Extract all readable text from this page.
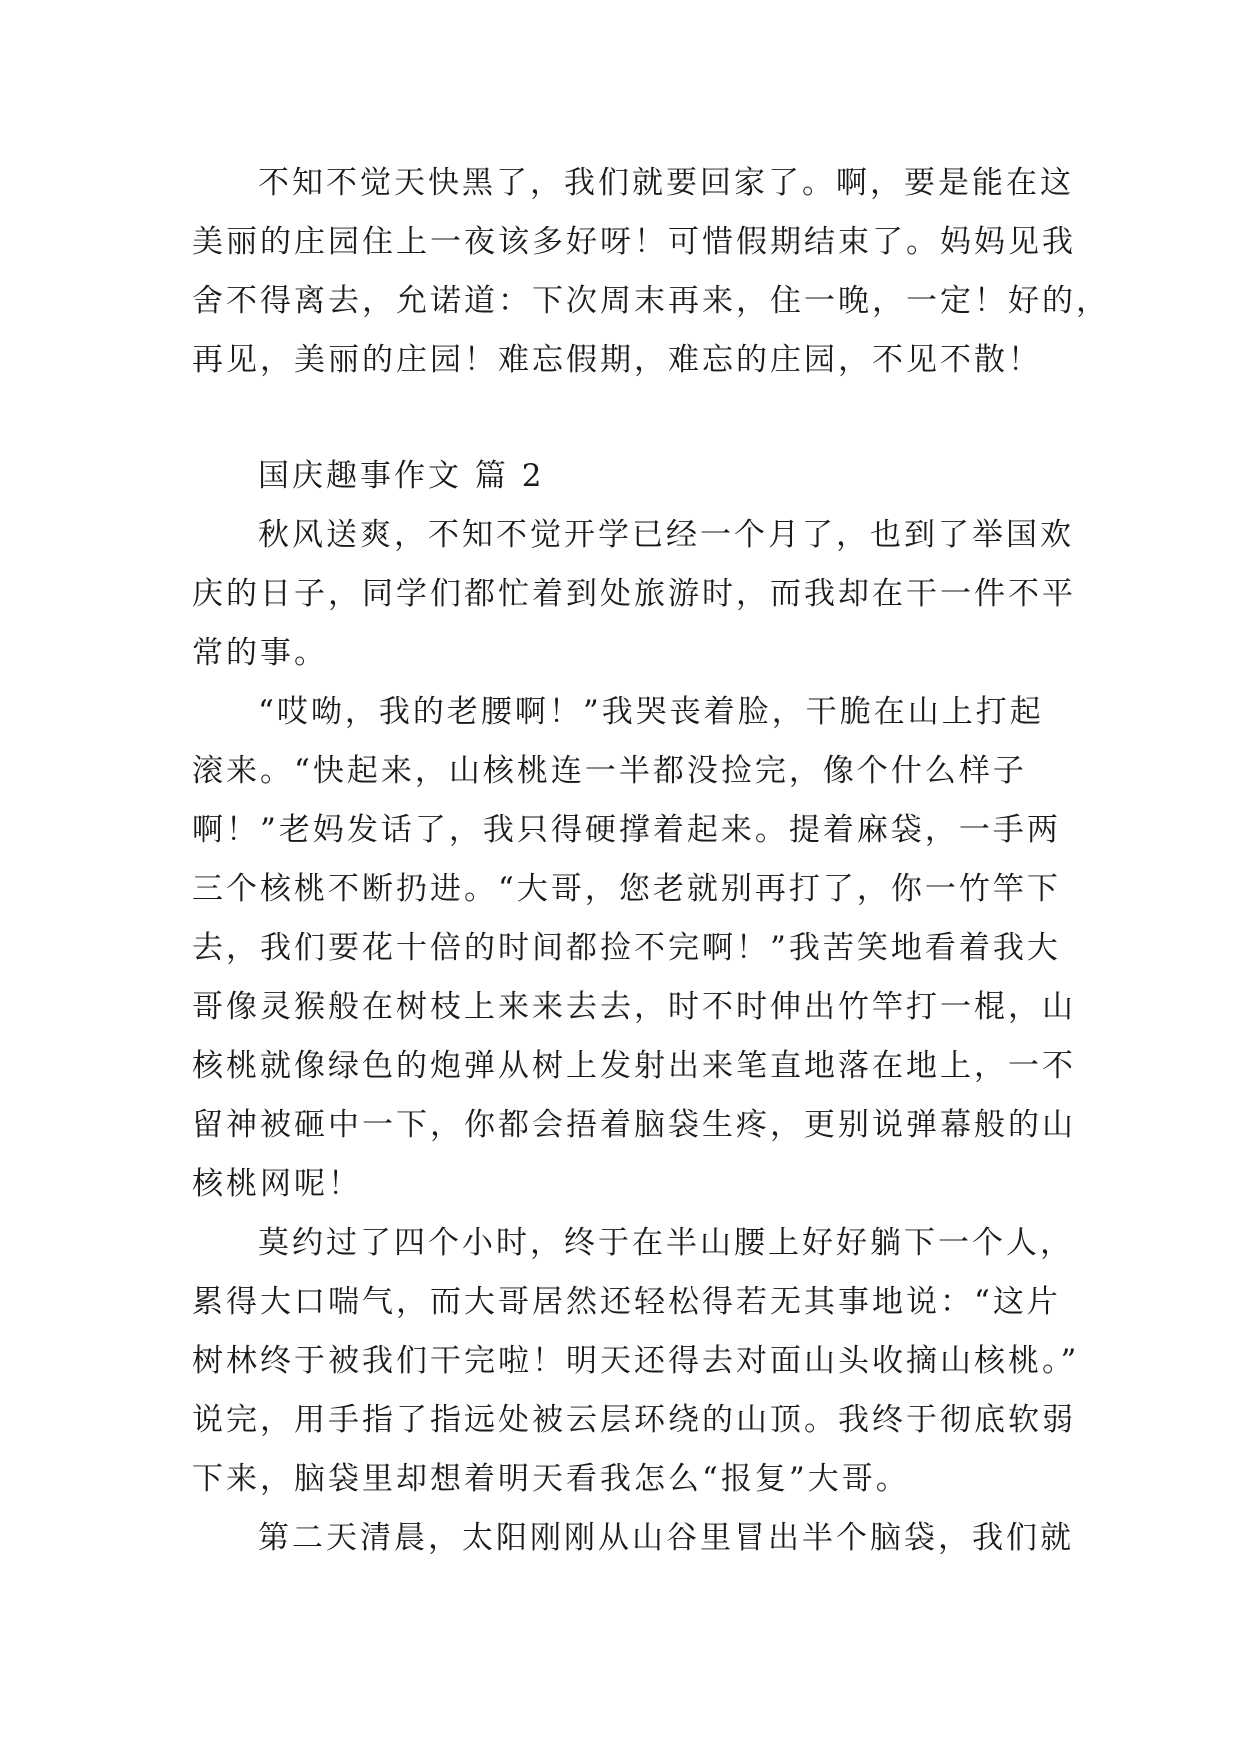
不知不觉天快黑了，我们就要回家了。啊，要是能在这
美丽的庄园住上一夜该多好呀！可惜假期结束了。妈妈见我
舍不得离去，允诺道：下次周末再来，住一晚，一定！好的，
再见，美丽的庄园！难忘假期，难忘的庄园，不见不散！
国庆趣事作文 篇 2
秋风送爽，不知不觉开学已经一个月了，也到了举国欢
庆的日子，同学们都忙着到处旅游时，而我却在干一件不平
常的事。
“哎呦，我的老腰啊！”我哭丧着脸，干脆在山上打起
滚来。“快起来，山核桃连一半都没捡完，像个什么样子
啊！”老妈发话了，我只得硬撑着起来。提着麻袋，一手两
三个核桃不断扔进。“大哥，您老就别再打了，你一竹竿下
去，我们要花十倍的时间都捡不完啊！”我苦笑地看着我大
哥像灵猴般在树枝上来来去去，时不时伸出竹竿打一棍，山
核桃就像绿色的炮弹从树上发射出来笔直地落在地上，一不
留神被砸中一下，你都会捂着脑袋生疼，更别说弹幕般的山
核桃网呢！
莫约过了四个小时，终于在半山腰上好好躺下一个人，
累得大口喘气，而大哥居然还轻松得若无其事地说：“这片
树林终于被我们干完啦！明天还得去对面山头收摘山核桃。”
说完，用手指了指远处被云层环绕的山顶。我终于彻底软弱
下来，脑袋里却想着明天看我怎么“报复”大哥。
第二天清晨，太阳刚刚从山谷里冒出半个脑袋，我们就
